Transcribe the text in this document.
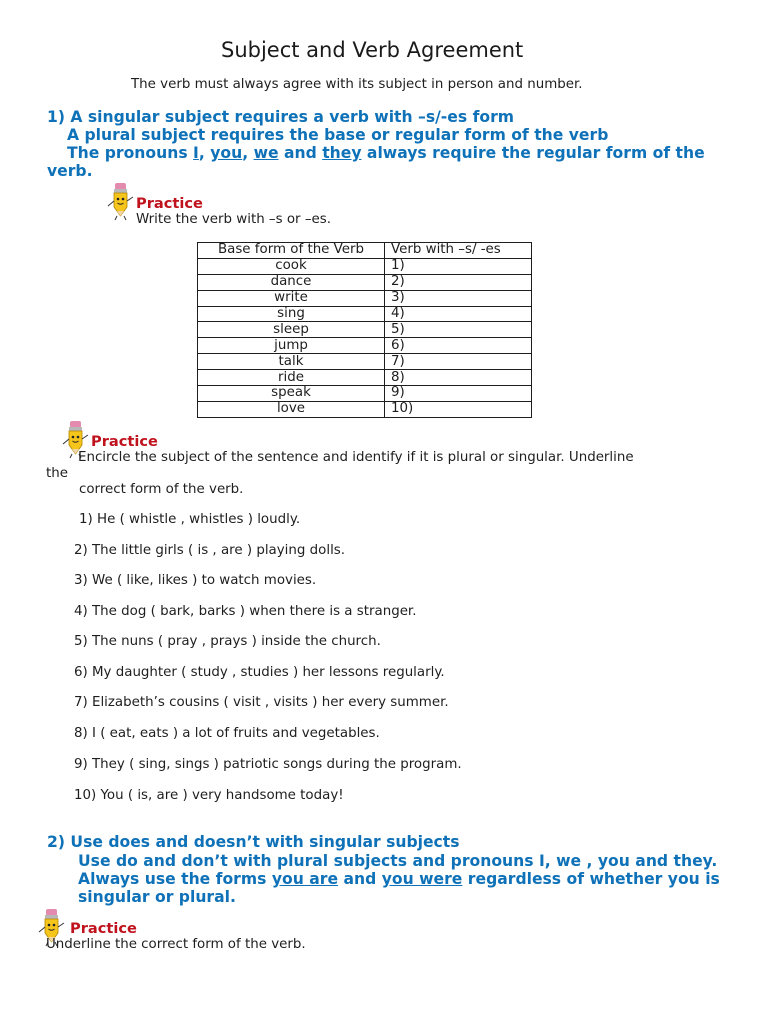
Subject and Verb Agreement
The verb must always agree with its subject in person and number.
1) A singular subject requires a verb with –s/-es form
A plural subject requires the base or regular form of the verb
The pronouns I, you, we and they always require the regular form of the
verb.
Practice
Write the verb with –s or –es.
Base form of the Verb	Verb with –s/ -es
cook	1)
dance	2)
write	3)
sing	4)
sleep	5)
jump	6)
talk	7)
ride	8)
speak	9)
love	10)
Practice
Encircle the subject of the sentence and identify if it is plural or singular. Underline
the
correct form of the verb.
1) He ( whistle , whistles ) loudly.
2) The little girls ( is , are ) playing dolls.
3) We ( like, likes ) to watch movies.
4) The dog ( bark, barks ) when there is a stranger.
5) The nuns ( pray , prays ) inside the church.
6) My daughter ( study , studies ) her lessons regularly.
7) Elizabeth’s cousins ( visit , visits ) her every summer.
8) I ( eat, eats ) a lot of fruits and vegetables.
9) They ( sing, sings ) patriotic songs during the program.
10) You ( is, are ) very handsome today!
2) Use does and doesn’t with singular subjects
Use do and don’t with plural subjects and pronouns I, we , you and they.
Always use the forms you are and you were regardless of whether you is
singular or plural.
Practice
Underline the correct form of the verb.
